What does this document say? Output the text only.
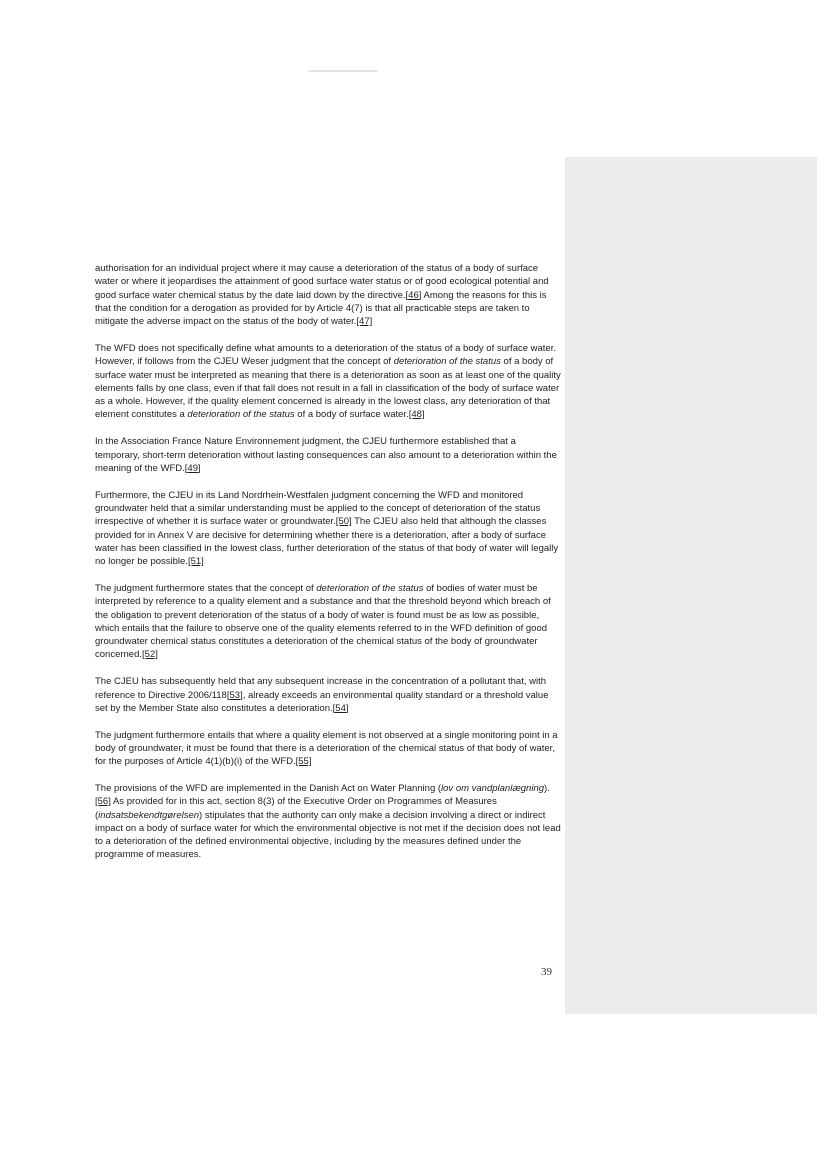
authorisation for an individual project where it may cause a deterioration of the status of a body of surface water or where it jeopardises the attainment of good surface water status or of good ecological potential and good surface water chemical status by the date laid down by the directive.[46] Among the reasons for this is that the condition for a derogation as provided for by Article 4(7) is that all practicable steps are taken to mitigate the adverse impact on the status of the body of water.[47]

The WFD does not specifically define what amounts to a deterioration of the status of a body of surface water. However, if follows from the CJEU Weser judgment that the concept of deterioration of the status of a body of surface water must be interpreted as meaning that there is a deterioration as soon as at least one of the quality elements falls by one class, even if that fall does not result in a fall in classification of the body of surface water as a whole. However, if the quality element concerned is already in the lowest class, any deterioration of that element constitutes a deterioration of the status of a body of surface water.[48]

In the Association France Nature Environnement judgment, the CJEU furthermore established that a temporary, short-term deterioration without lasting consequences can also amount to a deterioration within the meaning of the WFD.[49]

Furthermore, the CJEU in its Land Nordrhein-Westfalen judgment concerning the WFD and monitored groundwater held that a similar understanding must be applied to the concept of deterioration of the status irrespective of whether it is surface water or groundwater.[50] The CJEU also held that although the classes provided for in Annex V are decisive for determining whether there is a deterioration, after a body of surface water has been classified in the lowest class, further deterioration of the status of that body of water will legally no longer be possible.[51]

The judgment furthermore states that the concept of deterioration of the status of bodies of water must be interpreted by reference to a quality element and a substance and that the threshold beyond which breach of the obligation to prevent deterioration of the status of a body of water is found must be as low as possible, which entails that the failure to observe one of the quality elements referred to in the WFD definition of good groundwater chemical status constitutes a deterioration of the chemical status of the body of groundwater concerned.[52]

The CJEU has subsequently held that any subsequent increase in the concentration of a pollutant that, with reference to Directive 2006/118[53], already exceeds an environmental quality standard or a threshold value set by the Member State also constitutes a deterioration.[54]

The judgment furthermore entails that where a quality element is not observed at a single monitoring point in a body of groundwater, it must be found that there is a deterioration of the chemical status of that body of water, for the purposes of Article 4(1)(b)(i) of the WFD.[55]

The provisions of the WFD are implemented in the Danish Act on Water Planning (lov om vandplanlægning).[56] As provided for in this act, section 8(3) of the Executive Order on Programmes of Measures (indsatsbekendtgørelsen) stipulates that the authority can only make a decision involving a direct or indirect impact on a body of surface water for which the environmental objective is not met if the decision does not lead to a deterioration of the defined environmental objective, including by the measures defined under the programme of measures.

39
